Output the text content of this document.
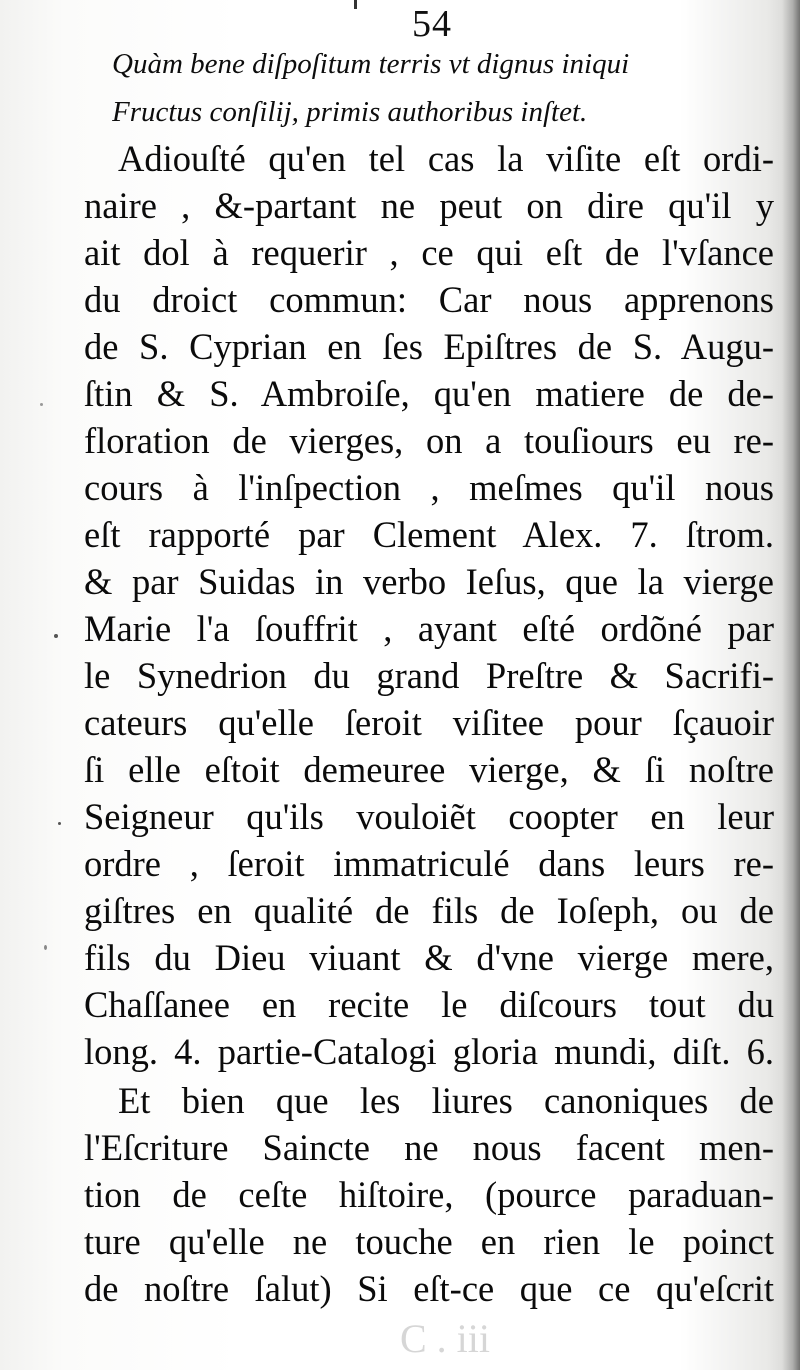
C . iii
54
Quàm bene diſpoſitum terris vt dignus iniqui
Fructus conſilij, primis authoribus inſtet.
Adiouſté qu'en tel cas la viſite eſt ordi-
naire , &-partant ne peut on dire qu'il y
ait dol à requerir , ce qui eſt de l'vſance
du droict commun: Car nous apprenons
de S. Cyprian en ſes Epiſtres de S. Augu-
ſtin & S. Ambroiſe, qu'en matiere de de-
floration de vierges, on a touſiours eu re-
cours à l'inſpection , meſmes qu'il nous
eſt rapporté par Clement Alex. 7. ſtrom.
& par Suidas in verbo Ieſus, que la vierge
Marie l'a ſouffrit , ayant eſté ordõné par
le Synedrion du grand Preſtre & Sacrifi-
cateurs qu'elle ſeroit viſitee pour ſçauoir
ſi elle eſtoit demeuree vierge, & ſi noſtre
Seigneur qu'ils vouloiẽt coopter en leur
ordre , ſeroit immatriculé dans leurs re-
giſtres en qualité de fils de Ioſeph, ou de
fils du Dieu viuant & d'vne vierge mere,
Chaſſanee en recite le diſcours tout du
long. 4. partie-Catalogi gloria mundi, diſt. 6.
Et bien que les liures canoniques de
l'Eſcriture Saincte ne nous facent men-
tion de ceſte hiſtoire, (pource paraduan-
ture qu'elle ne touche en rien le poinct
de noſtre ſalut) Si eſt-ce que ce qu'eſcrit
